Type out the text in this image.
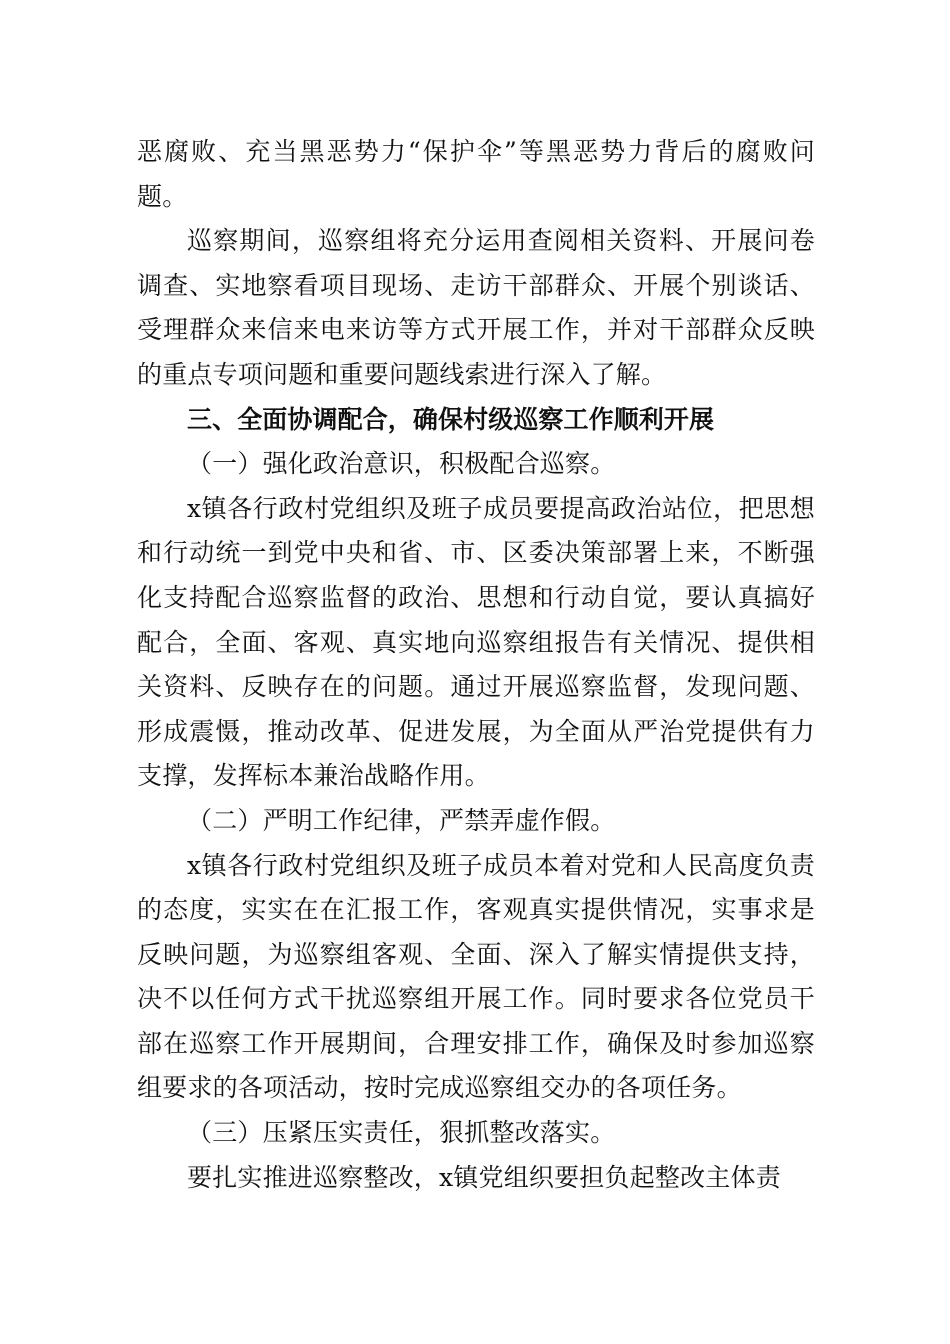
恶腐败、充当黑恶势力“保护伞”等黑恶势力背后的腐败问题。

巡察期间，巡察组将充分运用查阅相关资料、开展问卷调查、实地察看项目现场、走访干部群众、开展个别谈话、受理群众来信来电来访等方式开展工作，并对干部群众反映的重点专项问题和重要问题线索进行深入了解。

三、全面协调配合，确保村级巡察工作顺利开展

（一）强化政治意识，积极配合巡察。

x镇各行政村党组织及班子成员要提高政治站位，把思想和行动统一到党中央和省、市、区委决策部署上来，不断强化支持配合巡察监督的政治、思想和行动自觉，要认真搞好配合，全面、客观、真实地向巡察组报告有关情况、提供相关资料、反映存在的问题。通过开展巡察监督，发现问题、形成震慑，推动改革、促进发展，为全面从严治党提供有力支撑，发挥标本兼治战略作用。

（二）严明工作纪律，严禁弄虚作假。

x镇各行政村党组织及班子成员本着对党和人民高度负责的态度，实实在在汇报工作，客观真实提供情况，实事求是反映问题，为巡察组客观、全面、深入了解实情提供支持，决不以任何方式干扰巡察组开展工作。同时要求各位党员干部在巡察工作开展期间，合理安排工作，确保及时参加巡察组要求的各项活动，按时完成巡察组交办的各项任务。

（三）压紧压实责任，狠抓整改落实。

要扎实推进巡察整改，x镇党组织要担负起整改主体责
